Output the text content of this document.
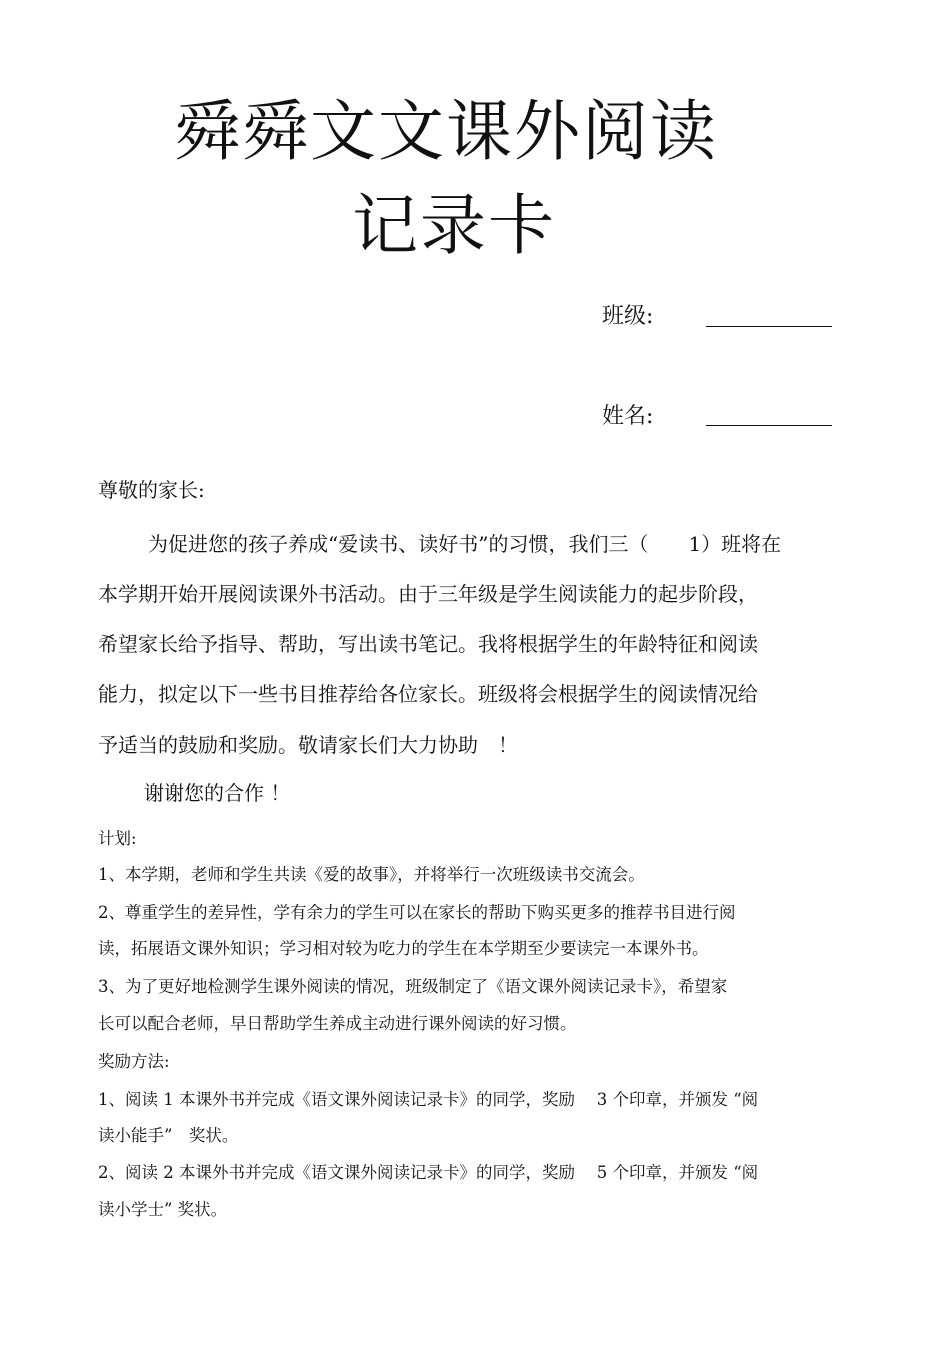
舜舜文文课外阅读
记录卡
班级:
姓名:
尊敬的家长:
为促进您的孩子养成“爱读书、读好书”的习惯，我们三（　　1）班将在
本学期开始开展阅读课外书活动。由于三年级是学生阅读能力的起步阶段，
希望家长给予指导、帮助，写出读书笔记。我将根据学生的年龄特征和阅读
能力，拟定以下一些书目推荐给各位家长。班级将会根据学生的阅读情况给
予适当的鼓励和奖励。敬请家长们大力协助　！
谢谢您的合作 ！
计划:
1、本学期，老师和学生共读《爱的故事》，并将举行一次班级读书交流会。
2、尊重学生的差异性，学有余力的学生可以在家长的帮助下购买更多的推荐书目进行阅
读，拓展语文课外知识；学习相对较为吃力的学生在本学期至少要读完一本课外书。
3、为了更好地检测学生课外阅读的情况，班级制定了《语文课外阅读记录卡》，希望家
长可以配合老师，早日帮助学生养成主动进行课外阅读的好习惯。
奖励方法:
1、阅读 1 本课外书并完成《语文课外阅读记录卡》的同学，奖励　 3 个印章，并颁发 “阅
读小能手”　奖状。
2、阅读 2 本课外书并完成《语文课外阅读记录卡》的同学，奖励　 5 个印章，并颁发 “阅
读小学士” 奖状。
